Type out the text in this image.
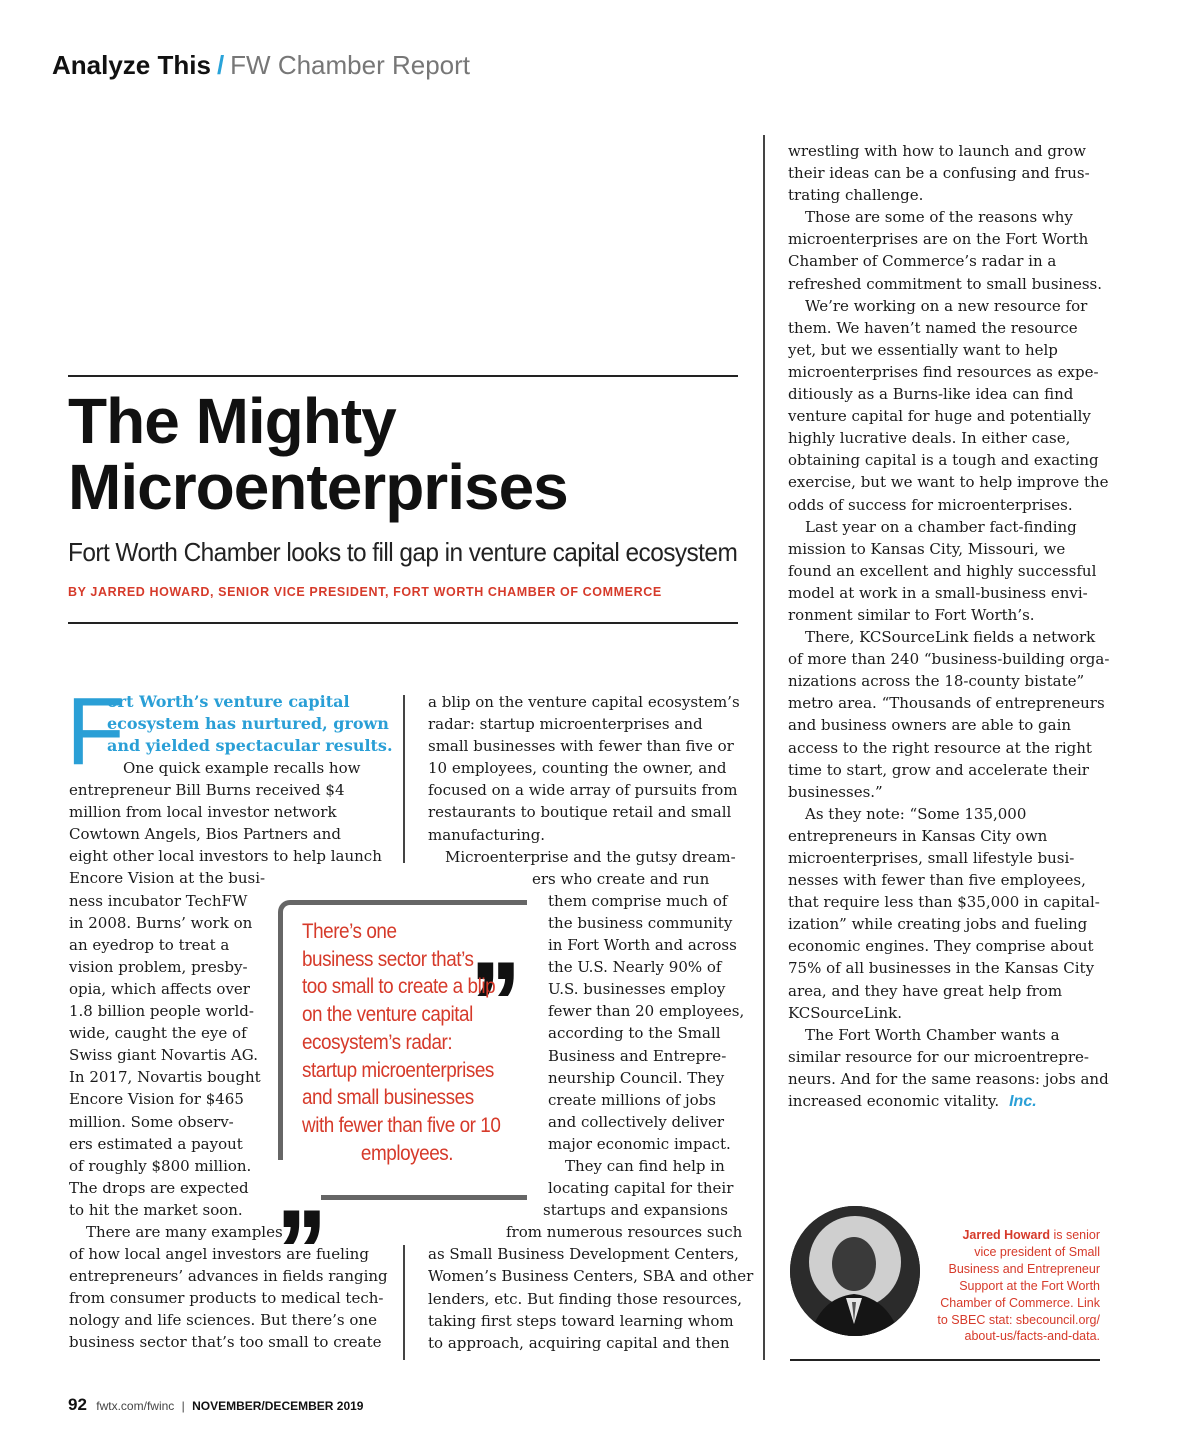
Analyze This / FW Chamber Report
The Mighty
Microenterprises
Fort Worth Chamber looks to fill gap in venture capital ecosystem
BY JARRED HOWARD, SENIOR VICE PRESIDENT, FORT WORTH CHAMBER OF COMMERCE
F

ort Worth’s venture capital

ecosystem has nurtured, grown

and yielded spectacular results.

One quick example recalls how

entrepreneur Bill Burns received $4

million from local investor network

Cowtown Angels, Bios Partners and

eight other local investors to help launch

Encore Vision at the busi-

ness incubator TechFW

in 2008. Burns’ work on

an eyedrop to treat a

vision problem, presby-

opia, which affects over

1.8 billion people world-

wide, caught the eye of

Swiss giant Novartis AG.

In 2017, Novartis bought

Encore Vision for $465

million. Some observ-

ers estimated a payout

of roughly $800 million.

The drops are expected

to hit the market soon.

There are many examples

of how local angel investors are fueling

entrepreneurs’ advances in fields ranging

from consumer products to medical tech-

nology and life sciences. But there’s one

business sector that’s too small to create

a blip on the venture capital ecosystem’s

radar: startup microenterprises and

small businesses with fewer than five or

10 employees, counting the owner, and

focused on a wide array of pursuits from

restaurants to boutique retail and small

manufacturing.

Microenterprise and the gutsy dream-

ers who create and run

them comprise much of

the business community

in Fort Worth and across

the U.S. Nearly 90% of

U.S. businesses employ

fewer than 20 employees,

according to the Small

Business and Entrepre-

neurship Council. They

create millions of jobs

and collectively deliver

major economic impact.

They can find help in

locating capital for their

startups and expansions

from numerous resources such

as Small Business Development Centers,

Women’s Business Centers, SBA and other

lenders, etc. But finding those resources,

taking first steps toward learning whom

to approach, acquiring capital and then

,,
,,

There’s one

business sector that’s

too small to create a blip

on the venture capital

ecosystem’s radar:

startup microenterprises

and small businesses

with fewer than five or 10

employees.

wrestling with how to launch and grow

their ideas can be a confusing and frus-

trating challenge.

Those are some of the reasons why

microenterprises are on the Fort Worth

Chamber of Commerce’s radar in a

refreshed commitment to small business.

We’re working on a new resource for

them. We haven’t named the resource

yet, but we essentially want to help

microenterprises find resources as expe-

ditiously as a Burns-like idea can find

venture capital for huge and potentially

highly lucrative deals. In either case,

obtaining capital is a tough and exacting

exercise, but we want to help improve the

odds of success for microenterprises.

Last year on a chamber fact-finding

mission to Kansas City, Missouri, we

found an excellent and highly successful

model at work in a small-business envi-

ronment similar to Fort Worth’s.

There, KCSourceLink fields a network

of more than 240 “business-building orga-

nizations across the 18-county bistate”

metro area. “Thousands of entrepreneurs

and business owners are able to gain

access to the right resource at the right

time to start, grow and accelerate their

businesses.”

As they note: “Some 135,000

entrepreneurs in Kansas City own

microenterprises, small lifestyle busi-

nesses with fewer than five employees,

that require less than $35,000 in capital-

ization” while creating jobs and fueling

economic engines. They comprise about

75% of all businesses in the Kansas City

area, and they have great help from

KCSourceLink.

The Fort Worth Chamber wants a

similar resource for our microentrepre-

neurs. And for the same reasons: jobs and

increased economic vitality. Inc.

Jarred Howard is senior

vice president of Small

Business and Entrepreneur

Support at the Fort Worth

Chamber of Commerce. Link

to SBEC stat: sbecouncil.org/

about-us/facts-and-data.

92 fwtx.com/fwinc | NOVEMBER/DECEMBER 2019
